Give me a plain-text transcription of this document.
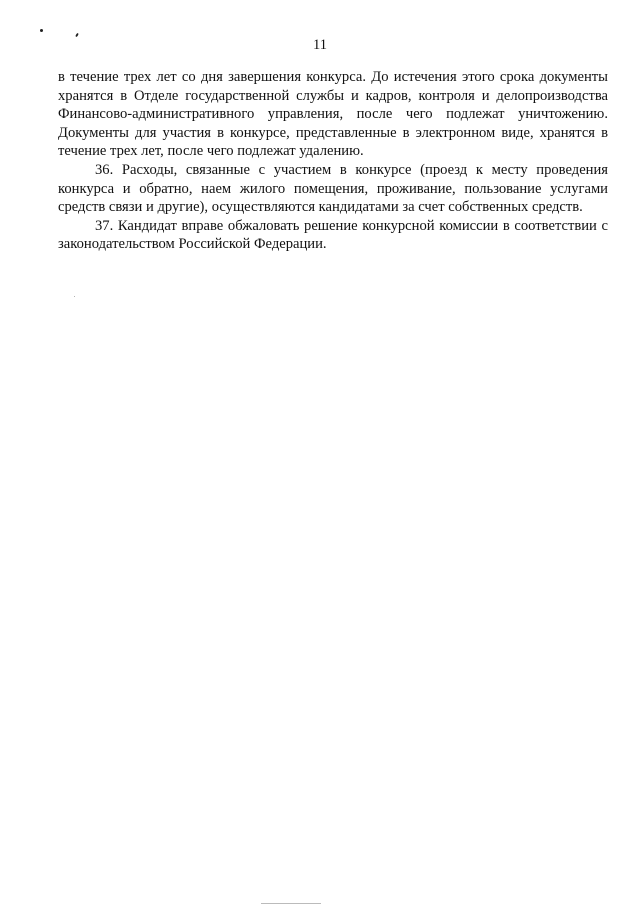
11

в течение трех лет со дня завершения конкурса. До истечения этого срока документы хранятся в Отделе государственной службы и кадров, контроля и делопроизводства Финансово-административного управления, после чего подлежат уничтожению. Документы для участия в конкурсе, представленные в электронном виде, хранятся в течение трех лет, после чего подлежат удалению.

36. Расходы, связанные с участием в конкурсе (проезд к месту проведения конкурса и обратно, наем жилого помещения, проживание, пользование услугами средств связи и другие), осуществляются кандидатами за счет собственных средств.

37. Кандидат вправе обжаловать решение конкурсной комиссии в соответствии с законодательством Российской Федерации.
